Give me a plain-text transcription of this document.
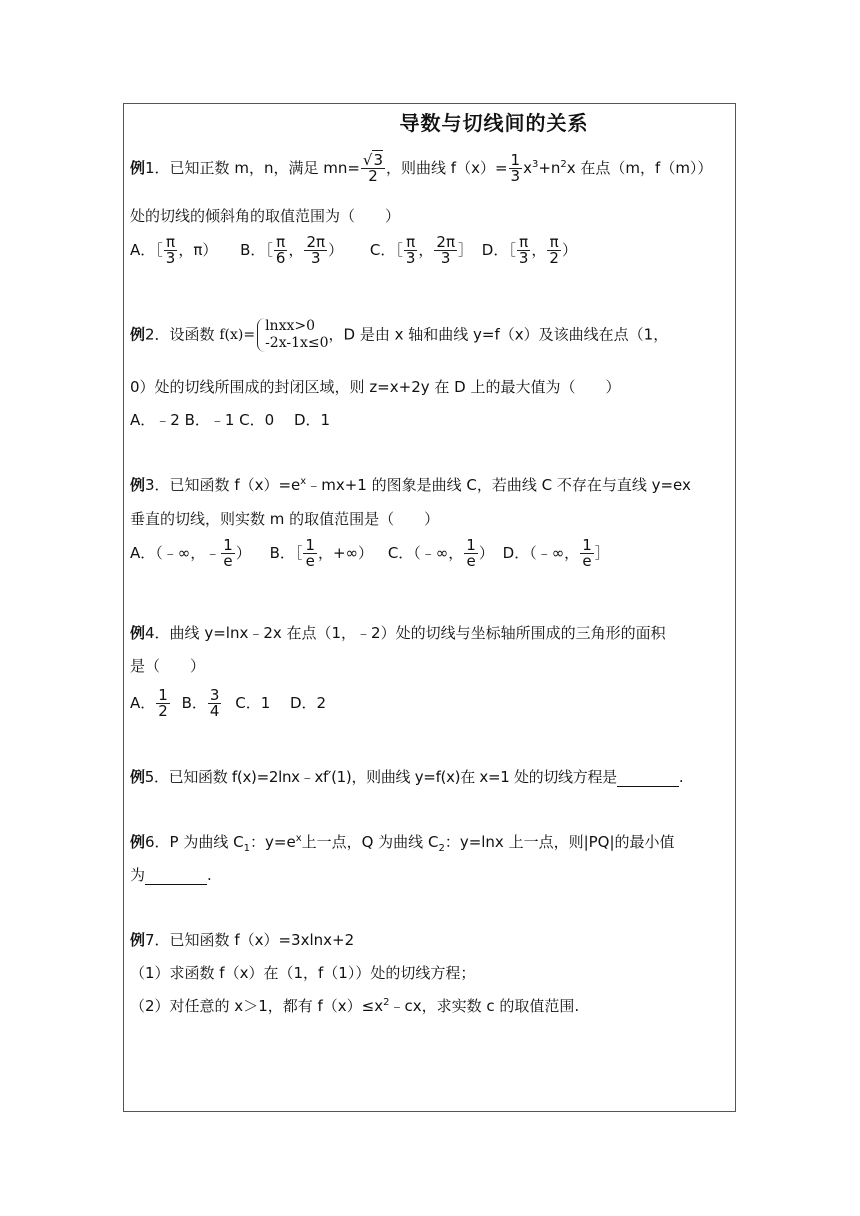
导数与切线间的关系
例1．已知正数 m，n，满足 $mn= \frac{√3}{2}$ ，则曲线 $f(x)= \frac{1}{3} x^3+n^2x$ 在点（m，f（m））
处的切线的倾斜角的取值范围为（　　）
A．［ $\frac{\pi}{3}$ ，π） B．［ $\frac{\pi}{6}$ ， $\frac{2\pi}{3}$ ） C．［ $\frac{\pi}{3}$ ， $\frac{2\pi}{3}$ ］ D．［ $\frac{\pi}{3}$ ， $\frac{\pi}{2}$ ）
例2．设函数 f(x)=
lnxx>0
-2x-1x≤0 ，D 是由 x 轴和曲线 y=f（x）及该曲线在点（1，
0）处的切线所围成的封闭区域，则 z=x+2y 在 D 上的最大值为（　　）
A．﹣2 B．﹣1 C．0　 D．1
例3．已知函数 $f(x)=e^x﹣mx+1$ 的图象是曲线 C，若曲线 C 不存在与直线 y=ex
垂直的切线，则实数 m 的取值范围是（　　）
A．（﹣∞，﹣ $\frac{1}{e}$ ） B．［ $\frac{1}{e}$ ，+∞） C．（﹣∞， $\frac{1}{e}$ ） D．（﹣∞， $\frac{1}{e}$ ］
例4．曲线 y=lnx﹣2x 在点（1，﹣2）处的切线与坐标轴所围成的三角形的面积
是（　　）
A． $\frac{1}{2}$ B． $\frac{3}{4}$ C．1　 D．2
例5．已知函数 f(x)=2lnx﹣xf′(1)，则曲线 y=f(x)在 x=1 处的切线方程是	.
例6．P 为曲线 $C_1$：$y=e^x$上一点，Q 为曲线 $C_2$：y=lnx 上一点，则|PQ|的最小值
为	.
例7．已知函数 f（x）=3xlnx+2
（1）求函数 f（x）在（1，f（1））处的切线方程；
（2）对任意的 x＞1，都有 $f(x)\le x^2﹣cx$，求实数 c 的取值范围.
